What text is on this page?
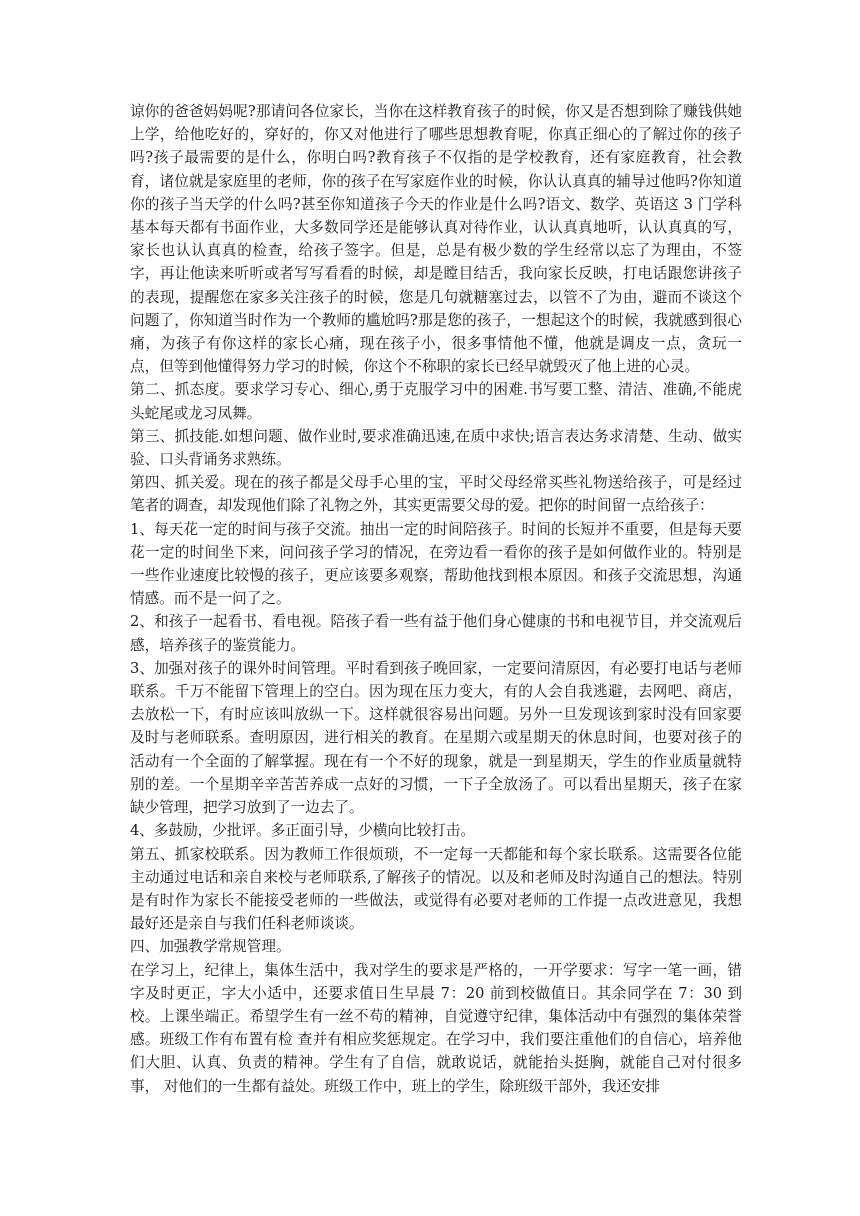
谅你的爸爸妈妈呢?那请问各位家长，当你在这样教育孩子的时候，你又是否想到除了赚钱供她上学，给他吃好的，穿好的，你又对他进行了哪些思想教育呢，你真正细心的了解过你的孩子吗?孩子最需要的是什么，你明白吗?教育孩子不仅指的是学校教育，还有家庭教育，社会教育，诸位就是家庭里的老师，你的孩子在写家庭作业的时候，你认认真真的辅导过他吗?你知道你的孩子当天学的什么吗?甚至你知道孩子今天的作业是什么吗?语文、数学、英语这 3 门学科基本每天都有书面作业，大多数同学还是能够认真对待作业，认认真真地听，认认真真的写，家长也认认真真的检查，给孩子签字。但是，总是有极少数的学生经常以忘了为理由，不签字，再让他读来听听或者写写看看的时候，却是瞠目结舌，我向家长反映，打电话跟您讲孩子的表现，提醒您在家多关注孩子的时候，您是几句就糖塞过去，以管不了为由，避而不谈这个问题了，你知道当时作为一个教师的尴尬吗?那是您的孩子，一想起这个的时候，我就感到很心痛，为孩子有你这样的家长心痛，现在孩子小，很多事情他不懂，他就是调皮一点，贪玩一点，但等到他懂得努力学习的时候，你这个不称职的家长已经早就毁灭了他上进的心灵。

第二、抓态度。要求学习专心、细心,勇于克服学习中的困难.书写要工整、清洁、准确,不能虎头蛇尾或龙习凤舞。

第三、抓技能.如想问题、做作业时,要求准确迅速,在质中求快;语言表达务求清楚、生动、做实验、口头背诵务求熟练。

第四、抓关爱。现在的孩子都是父母手心里的宝，平时父母经常买些礼物送给孩子，可是经过笔者的调查，却发现他们除了礼物之外，其实更需要父母的爱。把你的时间留一点给孩子：

1、每天花一定的时间与孩子交流。抽出一定的时间陪孩子。时间的长短并不重要，但是每天要花一定的时间坐下来，问问孩子学习的情况，在旁边看一看你的孩子是如何做作业的。特别是一些作业速度比较慢的孩子，更应该要多观察，帮助他找到根本原因。和孩子交流思想，沟通情感。而不是一问了之。

2、和孩子一起看书、看电视。陪孩子看一些有益于他们身心健康的书和电视节目，并交流观后感，培养孩子的鉴赏能力。

3、加强对孩子的课外时间管理。平时看到孩子晚回家，一定要问清原因，有必要打电话与老师联系。千万不能留下管理上的空白。因为现在压力变大，有的人会自我逃避，去网吧、商店，去放松一下，有时应该叫放纵一下。这样就很容易出问题。另外一旦发现该到家时没有回家要及时与老师联系。查明原因，进行相关的教育。在星期六或星期天的休息时间，也要对孩子的活动有一个全面的了解掌握。现在有一个不好的现象，就是一到星期天，学生的作业质量就特别的差。一个星期辛辛苦苦养成一点好的习惯，一下子全放汤了。可以看出星期天，孩子在家缺少管理，把学习放到了一边去了。

4、多鼓励，少批评。多正面引导，少横向比较打击。

第五、抓家校联系。因为教师工作很烦琐，不一定每一天都能和每个家长联系。这需要各位能主动通过电话和亲自来校与老师联系,了解孩子的情况。以及和老师及时沟通自己的想法。特别是有时作为家长不能接受老师的一些做法，或觉得有必要对老师的工作提一点改进意见，我想最好还是亲自与我们任科老师谈谈。

四、加强教学常规管理。

在学习上，纪律上，集体生活中，我对学生的要求是严格的，一开学要求：写字一笔一画，错字及时更正，字大小适中，还要求值日生早晨 7：20 前到校做值日。其余同学在 7：30 到校。上课坐端正。希望学生有一丝不苟的精神，自觉遵守纪律，集体活动中有强烈的集体荣誉感。班级工作有布置有检 查并有相应奖惩规定。在学习中，我们要注重他们的自信心，培养他们大胆、认真、负责的精神。学生有了自信，就敢说话，就能抬头挺胸，就能自己对付很多事， 对他们的一生都有益处。班级工作中，班上的学生，除班级干部外，我还安排
